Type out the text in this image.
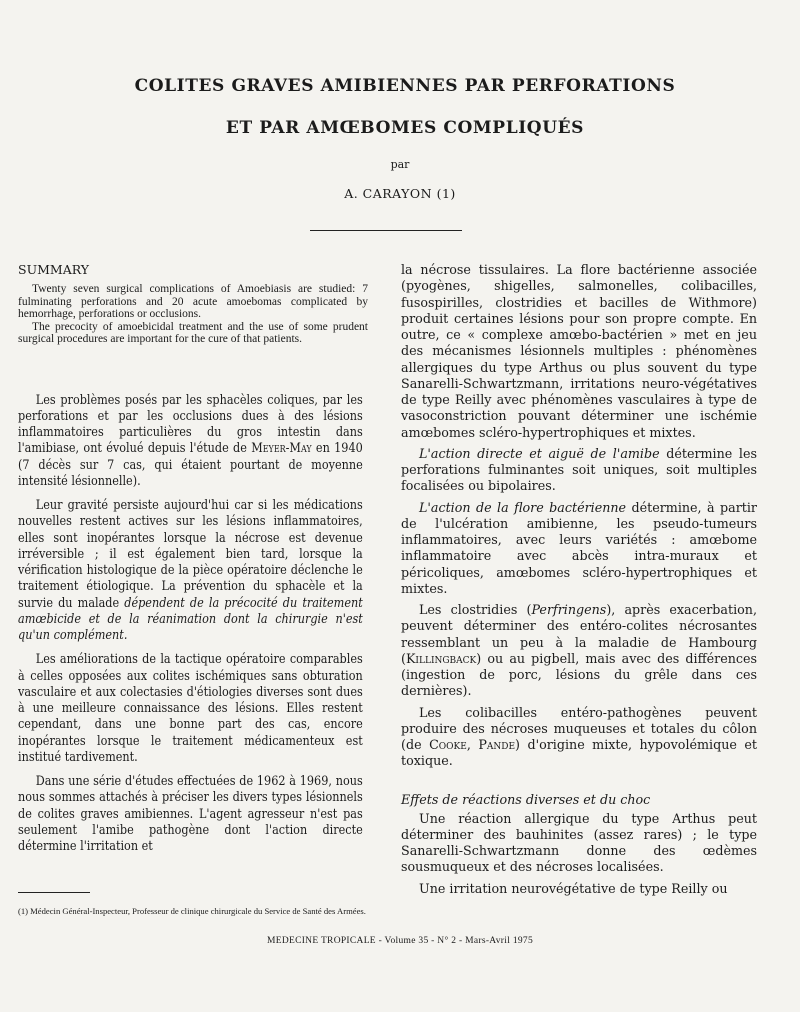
COLITES GRAVES AMIBIENNES PAR PERFORATIONS
ET PAR AMŒBOMES COMPLIQUÉS
par
A. CARAYON (1)
SUMMARY

Twenty seven surgical complications of Amoebiasis are studied: 7 fulminating perforations and 20 acute amoebomas complicated by hemorrhage, perforations or occlusions.

The precocity of amoebicidal treatment and the use of some prudent surgical procedures are important for the cure of that patients.

Les problèmes posés par les sphacèles coliques, par les perforations et par les occlusions dues à des lésions inflammatoires particulières du gros intestin dans l'amibiase, ont évolué depuis l'étude de Meyer-May en 1940 (7 décès sur 7 cas, qui étaient pourtant de moyenne intensité lésionnelle).

Leur gravité persiste aujourd'hui car si les médications nouvelles restent actives sur les lésions inflammatoires, elles sont inopérantes lorsque la nécrose est devenue irréversible ; il est également bien tard, lorsque la vérification histologique de la pièce opératoire déclenche le traitement étiologique. La prévention du sphacèle et la survie du malade dépendent de la précocité du traitement amœbicide et de la réanimation dont la chirurgie n'est qu'un complément.

Les améliorations de la tactique opératoire comparables à celles opposées aux colites ischémiques sans obturation vasculaire et aux colectasies d'étiologies diverses sont dues à une meilleure connaissance des lésions. Elles restent cependant, dans une bonne part des cas, encore inopérantes lorsque le traitement médicamenteux est institué tardivement.

Dans une série d'études effectuées de 1962 à 1969, nous nous sommes attachés à préciser les divers types lésionnels de colites graves amibiennes. L'agent agresseur n'est pas seulement l'amibe pathogène dont l'action directe détermine l'irritation et

la nécrose tissulaires. La flore bactérienne associée (pyogènes, shigelles, salmonelles, colibacilles, fusospirilles, clostridies et bacilles de Withmore) produit certaines lésions pour son propre compte. En outre, ce « complexe amœbo-bactérien » met en jeu des mécanismes lésionnels multiples : phénomènes allergiques du type Arthus ou plus souvent du type Sanarelli-Schwartzmann, irritations neuro-végétatives de type Reilly avec phénomènes vasculaires à type de vasoconstriction pouvant déterminer une ischémie amœbomes scléro-hypertrophiques et mixtes.

L'action directe et aiguë de l'amibe détermine les perforations fulminantes soit uniques, soit multiples focalisées ou bipolaires.

L'action de la flore bactérienne détermine, à partir de l'ulcération amibienne, les pseudo-tumeurs inflammatoires, avec leurs variétés : amœbome inflammatoire avec abcès intra-muraux et péricoliques, amœbomes scléro-hypertrophiques et mixtes.

Les clostridies (Perfringens), après exacerbation, peuvent déterminer des entéro-colites nécrosantes ressemblant un peu à la maladie de Hambourg (Killingback) ou au pigbell, mais avec des différences (ingestion de porc, lésions du grêle dans ces dernières).

Les colibacilles entéro-pathogènes peuvent produire des nécroses muqueuses et totales du côlon (de Cooke, Pande) d'origine mixte, hypovolémique et toxique.

Effets de réactions diverses et du choc

Une réaction allergique du type Arthus peut déterminer des bauhinites (assez rares) ; le type Sanarelli-Schwartzmann donne des œdèmes sousmuqueux et des nécroses localisées.

Une irritation neurovégétative de type Reilly ou

(1) Médecin Général-Inspecteur, Professeur de clinique chirurgicale du Service de Santé des Armées.
MEDECINE TROPICALE - Volume 35 - N° 2 - Mars-Avril 1975
